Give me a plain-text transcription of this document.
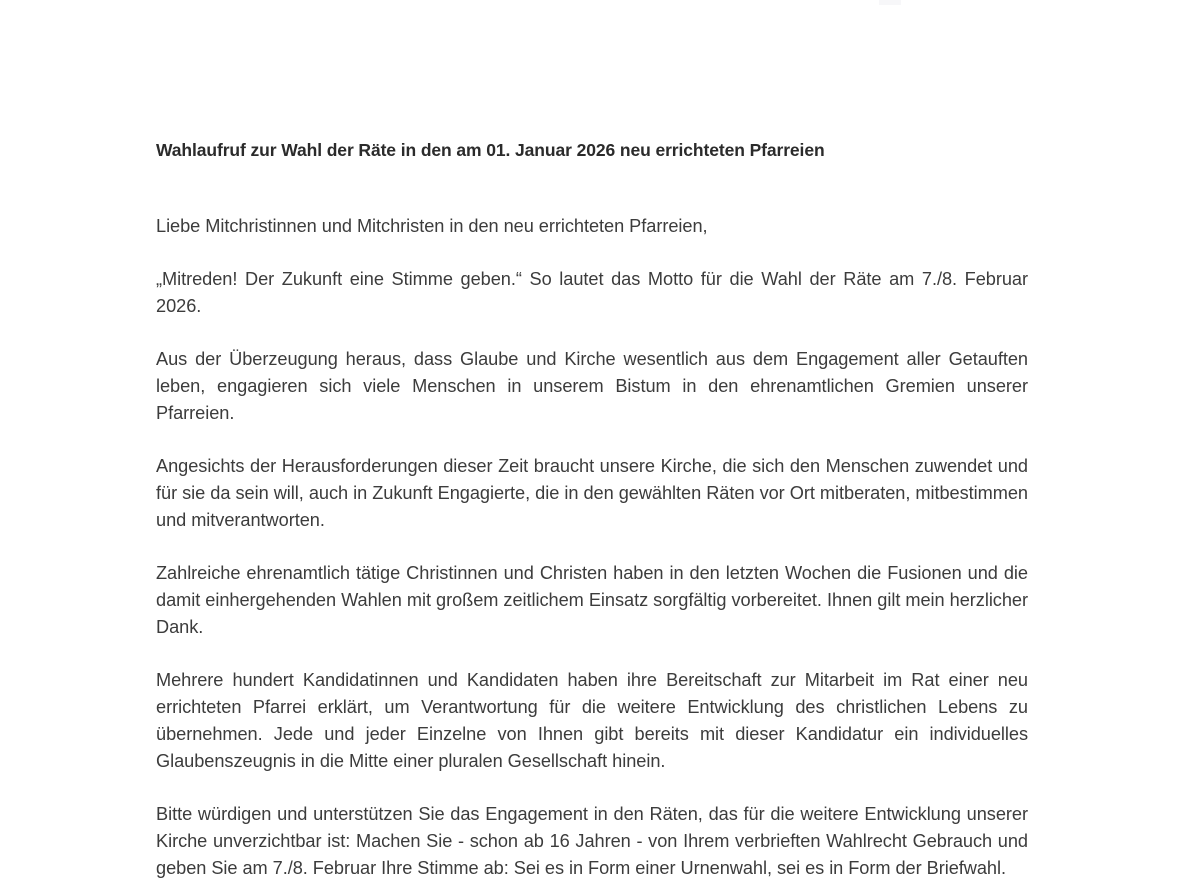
Wahlaufruf zur Wahl der Räte in den am 01. Januar 2026 neu errichteten Pfarreien

Liebe Mitchristinnen und Mitchristen in den neu errichteten Pfarreien,

„Mitreden! Der Zukunft eine Stimme geben.“ So lautet das Motto für die Wahl der Räte am 7./8. Februar 2026.

Aus der Überzeugung heraus, dass Glaube und Kirche wesentlich aus dem Engagement aller Getauften leben, engagieren sich viele Menschen in unserem Bistum in den ehrenamtlichen Gremien unserer Pfarreien.

Angesichts der Herausforderungen dieser Zeit braucht unsere Kirche, die sich den Menschen zuwendet und für sie da sein will, auch in Zukunft Engagierte, die in den gewählten Räten vor Ort mitberaten, mitbestimmen und mitverantworten.

Zahlreiche ehrenamtlich tätige Christinnen und Christen haben in den letzten Wochen die Fusionen und die damit einhergehenden Wahlen mit großem zeitlichem Einsatz sorgfältig vorbereitet. Ihnen gilt mein herzlicher Dank.

Mehrere hundert Kandidatinnen und Kandidaten haben ihre Bereitschaft zur Mitarbeit im Rat einer neu errichteten Pfarrei erklärt, um Verantwortung für die weitere Entwicklung des christlichen Lebens zu übernehmen. Jede und jeder Einzelne von Ihnen gibt bereits mit dieser Kandidatur ein individuelles Glaubenszeugnis in die Mitte einer pluralen Gesellschaft hinein.

Bitte würdigen und unterstützen Sie das Engagement in den Räten, das für die weitere Entwicklung unserer Kirche unverzichtbar ist: Machen Sie - schon ab 16 Jahren - von Ihrem verbrieften Wahlrecht Gebrauch und geben Sie am 7./8. Februar Ihre Stimme ab: Sei es in Form einer Urnenwahl, sei es in Form der Briefwahl.
